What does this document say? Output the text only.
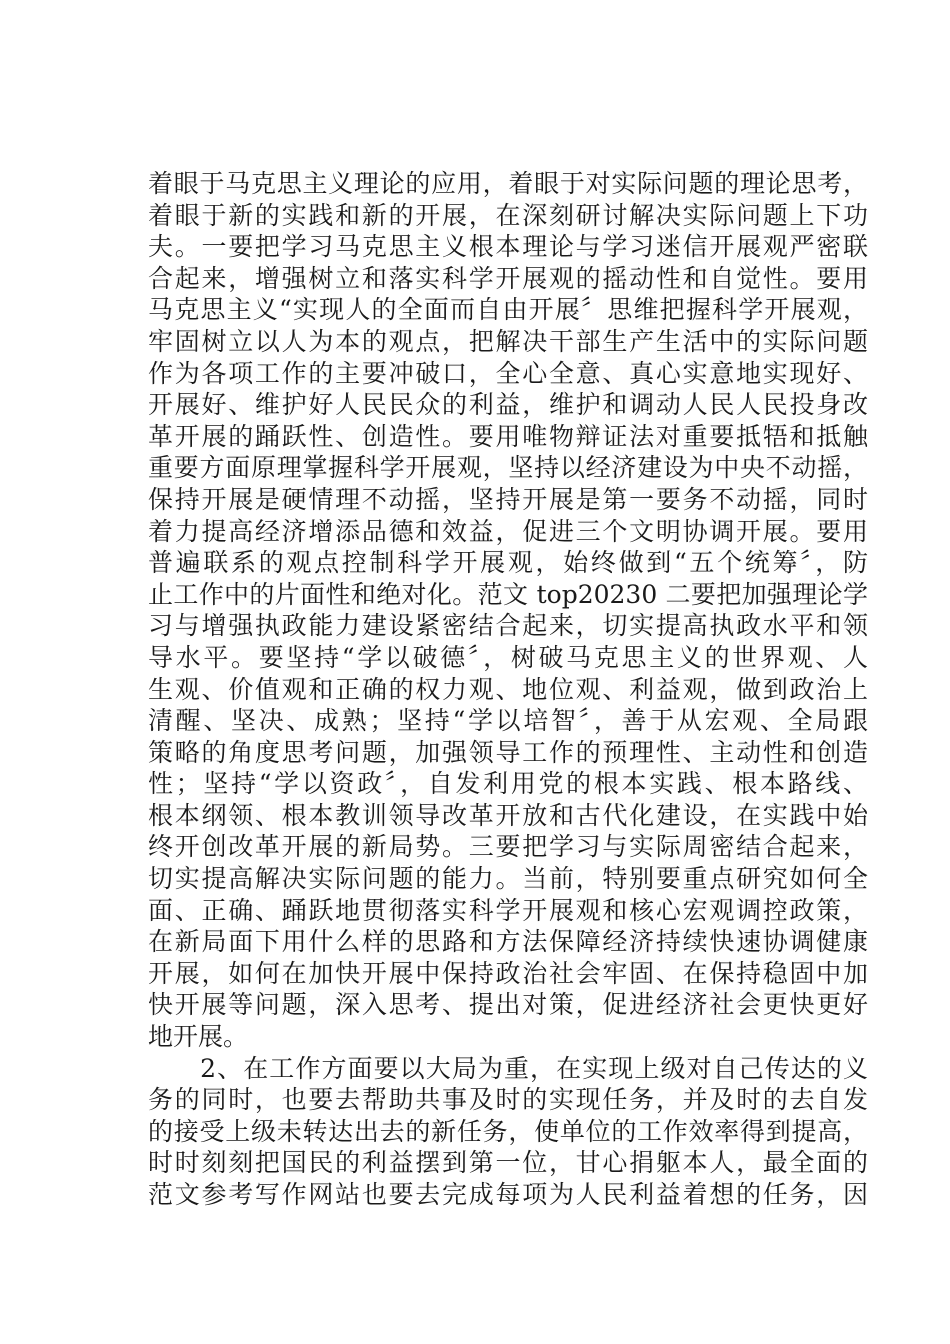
着眼于马克思主义理论的应用，着眼于对实际问题的理论思考，
着眼于新的实践和新的开展，在深刻研讨解决实际问题上下功
夫。一要把学习马克思主义根本理论与学习迷信开展观严密联
合起来，增强树立和落实科学开展观的摇动性和自觉性。要用
马克思主义“实现人的全面而自由开展〞思维把握科学开展观，
牢固树立以人为本的观点，把解决干部生产生活中的实际问题
作为各项工作的主要冲破口，全心全意、真心实意地实现好、
开展好、维护好人民民众的利益，维护和调动人民人民投身改
革开展的踊跃性、创造性。要用唯物辩证法对重要抵牾和抵触
重要方面原理掌握科学开展观，坚持以经济建设为中央不动摇，
保持开展是硬情理不动摇，坚持开展是第一要务不动摇，同时
着力提高经济增添品德和效益，促进三个文明协调开展。要用
普遍联系的观点控制科学开展观，始终做到“五个统筹〞，防
止工作中的片面性和绝对化。范文 top20230 二要把加强理论学
习与增强执政能力建设紧密结合起来，切实提高执政水平和领
导水平。要坚持“学以破德〞，树破马克思主义的世界观、人
生观、价值观和正确的权力观、地位观、利益观，做到政治上
清醒、坚决、成熟；坚持“学以培智〞，善于从宏观、全局跟
策略的角度思考问题，加强领导工作的预理性、主动性和创造
性；坚持“学以资政〞，自发利用党的根本实践、根本路线、
根本纲领、根本教训领导改革开放和古代化建设，在实践中始
终开创改革开展的新局势。三要把学习与实际周密结合起来，
切实提高解决实际问题的能力。当前，特别要重点研究如何全
面、正确、踊跃地贯彻落实科学开展观和核心宏观调控政策，
在新局面下用什么样的思路和方法保障经济持续快速协调健康
开展，如何在加快开展中保持政治社会牢固、在保持稳固中加
快开展等问题，深入思考、提出对策，促进经济社会更快更好
地开展。
　　2、在工作方面要以大局为重，在实现上级对自己传达的义
务的同时，也要去帮助共事及时的实现任务，并及时的去自发
的接受上级未转达出去的新任务，使单位的工作效率得到提高，
时时刻刻把国民的利益摆到第一位，甘心捐躯本人，最全面的
范文参考写作网站也要去完成每项为人民利益着想的任务，因
